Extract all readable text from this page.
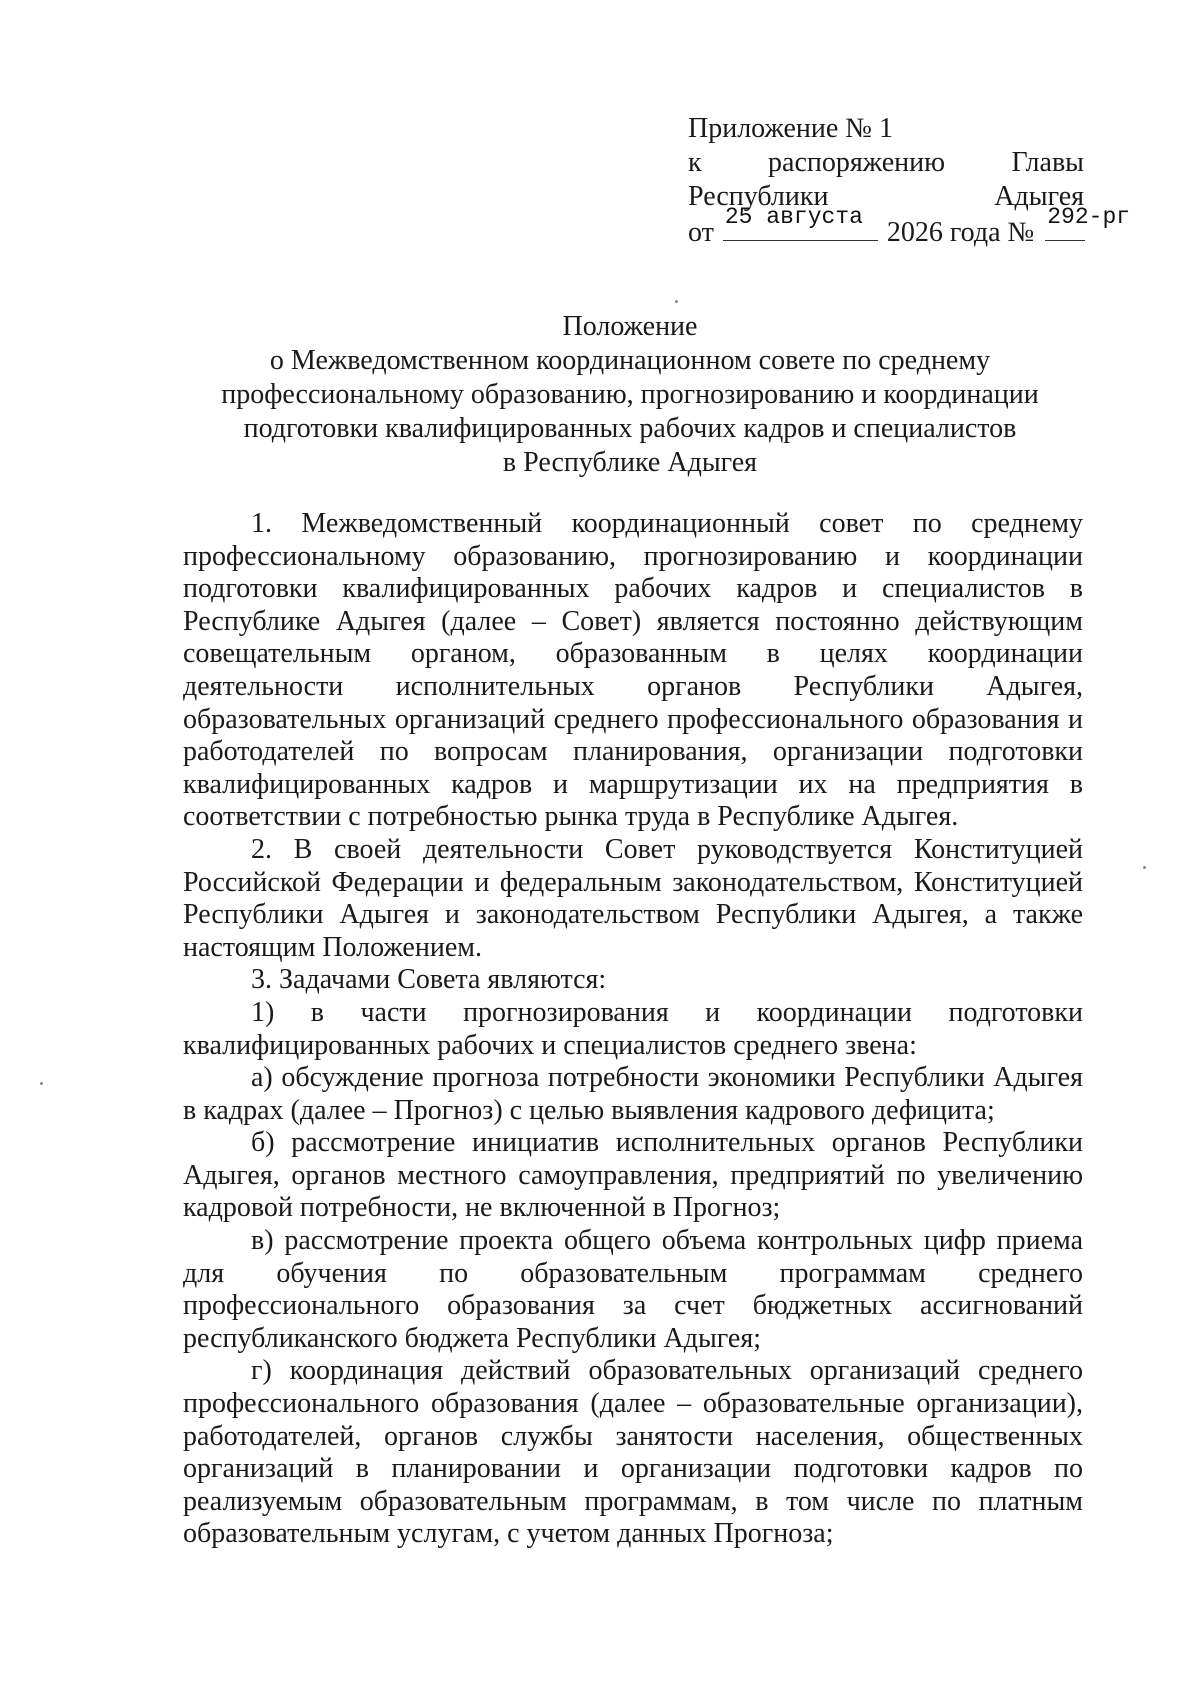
Приложение № 1
к распоряжению Главы
Республики	Адыгея
от 25 августа 2026 года № 292-рг
Положение
о Межведомственном координационном совете по среднему
профессиональному образованию, прогнозированию и координации
подготовки квалифицированных рабочих кадров и специалистов
в Республике Адыгея

1. Межведомственный координационный совет по среднему профессиональному образованию, прогнозированию и координации подготовки квалифицированных рабочих кадров и специалистов в Республике Адыгея (далее – Совет) является постоянно действующим совещательным органом, образованным в целях координации деятельности исполнительных органов Республики Адыгея, образовательных организаций среднего профессионального образования и работодателей по вопросам планирования, организации подготовки квалифицированных кадров и маршрутизации их на предприятия в соответствии с потребностью рынка труда в Республике Адыгея.

2. В своей деятельности Совет руководствуется Конституцией Российской Федерации и федеральным законодательством, Конституцией Республики Адыгея и законодательством Республики Адыгея, а также настоящим Положением.

3. Задачами Совета являются:

1) в части прогнозирования и координации подготовки квалифицированных рабочих и специалистов среднего звена:

а) обсуждение прогноза потребности экономики Республики Адыгея в кадрах (далее – Прогноз) с целью выявления кадрового дефицита;

б) рассмотрение инициатив исполнительных органов Республики Адыгея, органов местного самоуправления, предприятий по увеличению кадровой потребности, не включенной в Прогноз;

в) рассмотрение проекта общего объема контрольных цифр приема для обучения по образовательным программам среднего профессионального образования за счет бюджетных ассигнований республиканского бюджета Республики Адыгея;

г) координация действий образовательных организаций среднего профессионального образования (далее – образовательные организации), работодателей, органов службы занятости населения, общественных организаций в планировании и организации подготовки кадров по реализуемым образовательным программам, в том числе по платным образовательным услугам, с учетом данных Прогноза;
